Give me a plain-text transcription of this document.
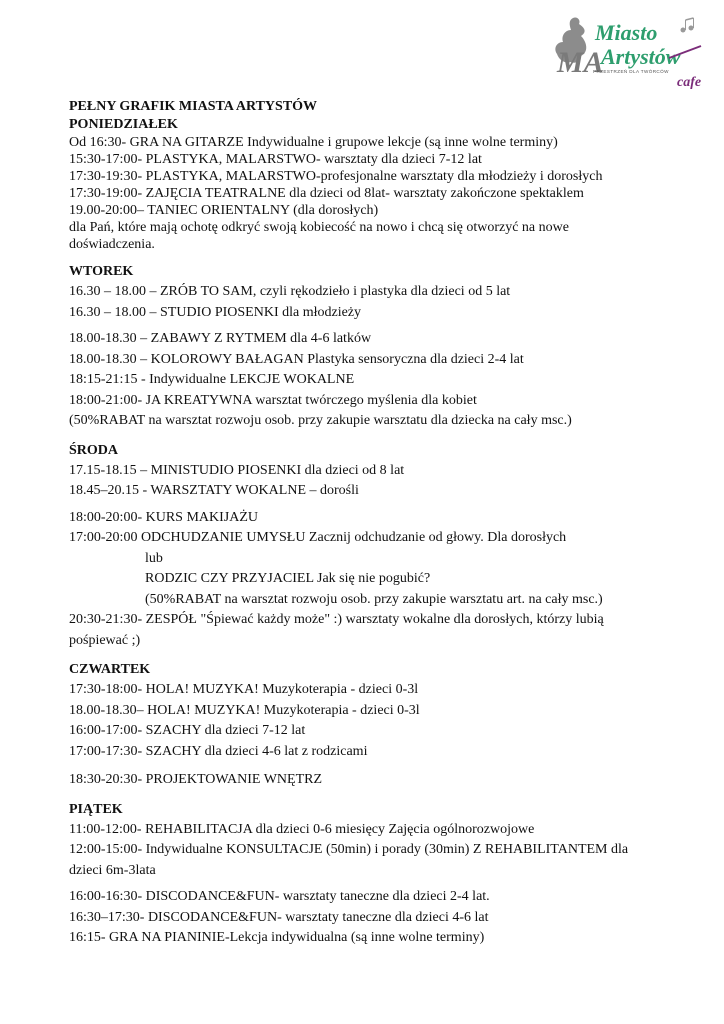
MA
Miasto
Artystów
PRZESTRZEŃ DLA TWÓRCÓW
cafe
PEŁNY GRAFIK MIASTA ARTYSTÓW
PONIEDZIAŁEK
Od 16:30- GRA NA GITARZE Indywidualne i grupowe lekcje (są inne wolne terminy)
15:30-17:00- PLASTYKA, MALARSTWO- warsztaty dla dzieci 7-12 lat
17:30-19:30- PLASTYKA, MALARSTWO-profesjonalne warsztaty dla młodzieży i dorosłych
17:30-19:00- ZAJĘCIA TEATRALNE dla dzieci od 8lat- warsztaty zakończone spektaklem
19.00-20:00– TANIEC ORIENTALNY (dla dorosłych)
dla Pań, które mają ochotę odkryć swoją kobiecość na nowo i chcą się otworzyć na nowe
doświadczenia.
WTOREK
16.30 – 18.00 – ZRÓB TO SAM, czyli rękodzieło i plastyka dla dzieci od 5 lat
16.30 – 18.00 – STUDIO PIOSENKI dla młodzieży
18.00-18.30 – ZABAWY Z RYTMEM dla 4-6 latków
18.00-18.30 – KOLOROWY BAŁAGAN Plastyka sensoryczna dla dzieci 2-4 lat
18:15-21:15 - Indywidualne LEKCJE WOKALNE
18:00-21:00- JA KREATYWNA warsztat twórczego myślenia dla kobiet
(50%RABAT na warsztat rozwoju osob. przy zakupie warsztatu dla dziecka na cały msc.)
ŚRODA
17.15-18.15 – MINISTUDIO PIOSENKI dla dzieci od 8 lat
18.45–20.15 - WARSZTATY WOKALNE – dorośli
18:00-20:00- KURS MAKIJAŻU
17:00-20:00 ODCHUDZANIE UMYSŁU Zacznij odchudzanie od głowy. Dla dorosłych
lub
RODZIC CZY PRZYJACIEL Jak się nie pogubić?
(50%RABAT na warsztat rozwoju osob. przy zakupie warsztatu art. na cały msc.)
20:30-21:30- ZESPÓŁ "Śpiewać każdy może" :) warsztaty wokalne dla dorosłych, którzy lubią
pośpiewać ;)
CZWARTEK
17:30-18:00- HOLA! MUZYKA! Muzykoterapia - dzieci 0-3l
18.00-18.30– HOLA! MUZYKA! Muzykoterapia - dzieci 0-3l
16:00-17:00- SZACHY dla dzieci 7-12 lat
17:00-17:30- SZACHY dla dzieci 4-6 lat z rodzicami
18:30-20:30- PROJEKTOWANIE WNĘTRZ
PIĄTEK
11:00-12:00- REHABILITACJA dla dzieci 0-6 miesięcy Zajęcia ogólnorozwojowe
12:00-15:00- Indywidualne KONSULTACJE (50min) i porady (30min) Z REHABILITANTEM dla
dzieci 6m-3lata
16:00-16:30- DISCODANCE&FUN- warsztaty taneczne dla dzieci 2-4 lat.
16:30–17:30- DISCODANCE&FUN- warsztaty taneczne dla dzieci 4-6 lat
16:15- GRA NA PIANINIE-Lekcja indywidualna (są inne wolne terminy)
